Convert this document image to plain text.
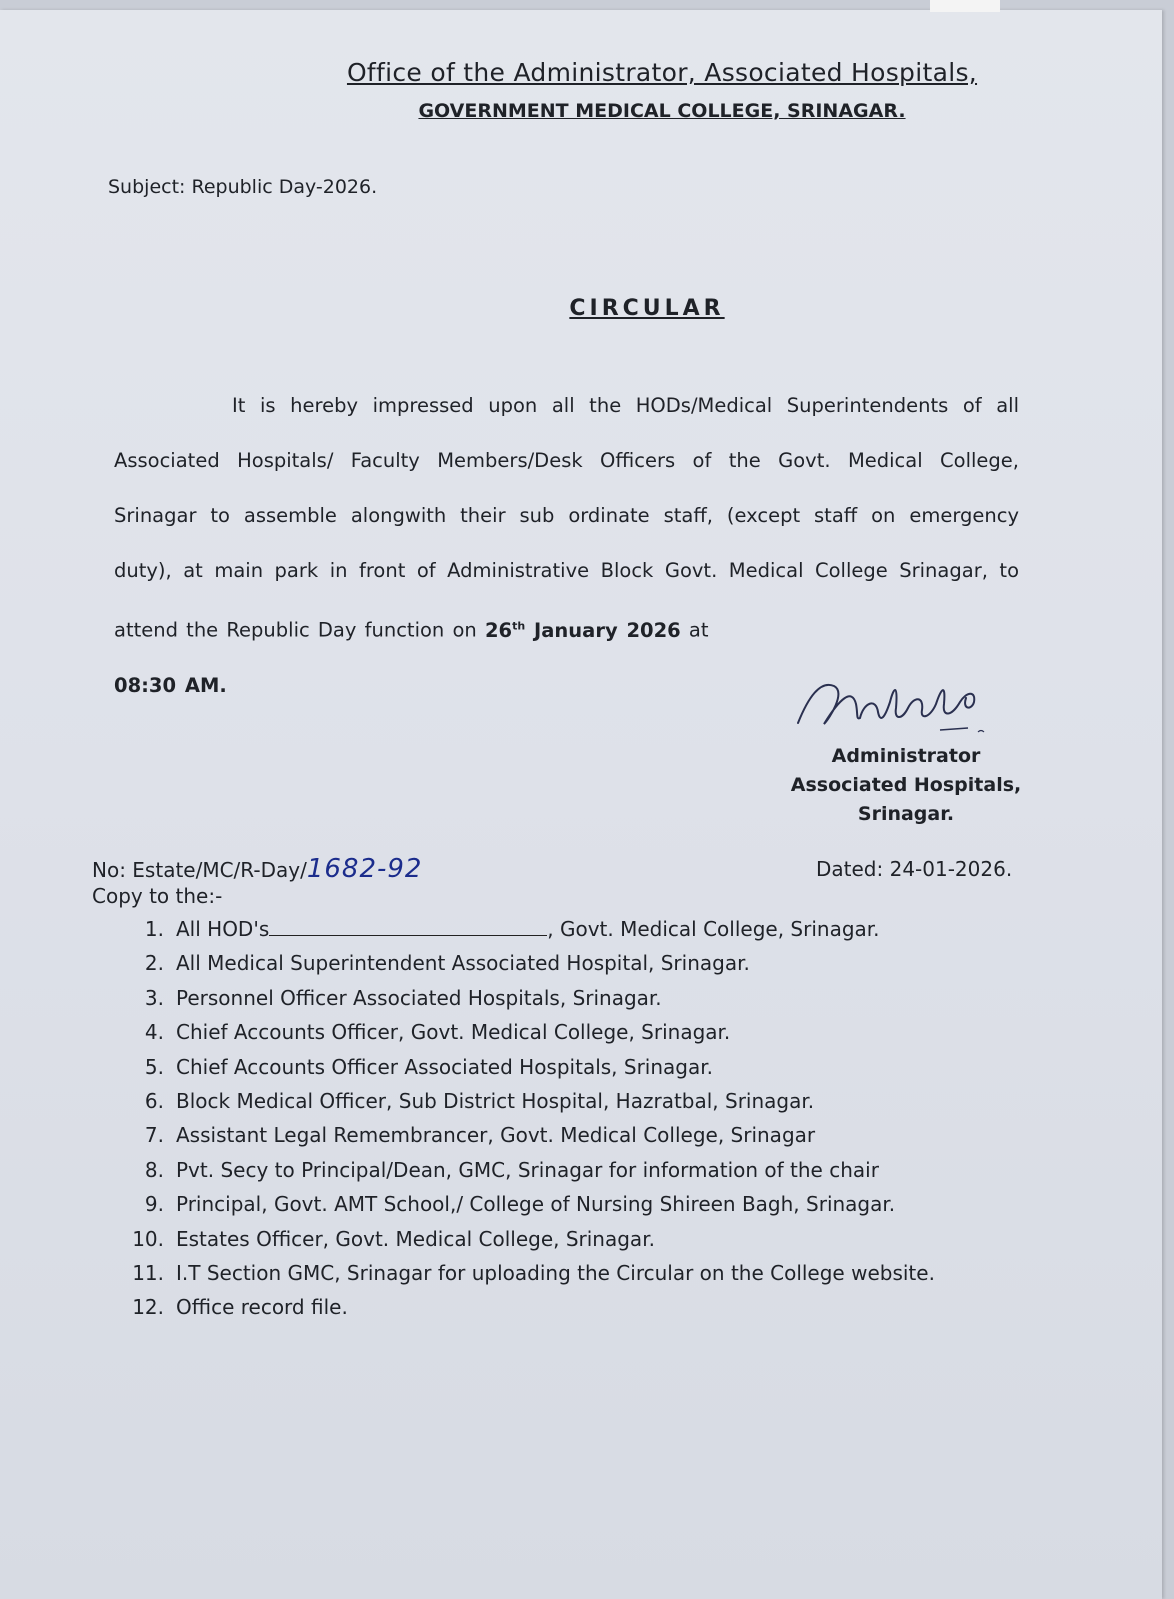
Office of the Administrator, Associated Hospitals,
GOVERNMENT MEDICAL COLLEGE, SRINAGAR.
Subject: Republic Day-2026.
CIRCULAR
It is hereby impressed upon all the HODs/Medical Superintendents of all Associated Hospitals/ Faculty Members/Desk Officers of the Govt. Medical College, Srinagar to assemble alongwith their sub ordinate staff, (except staff on emergency duty), at main park in front of Administrative Block Govt. Medical College Srinagar, to attend the Republic Day function on 26th January 2026 at
08:30 AM.
Administrator
Associated Hospitals,
Srinagar.
No: Estate/MC/R-Day/1682-92	Dated: 24-01-2026.
Copy to the:-
1. All HOD's	, Govt. Medical College, Srinagar.
2. All Medical Superintendent Associated Hospital, Srinagar.
3. Personnel Officer Associated Hospitals, Srinagar.
4. Chief Accounts Officer, Govt. Medical College, Srinagar.
5. Chief Accounts Officer Associated Hospitals, Srinagar.
6. Block Medical Officer, Sub District Hospital, Hazratbal, Srinagar.
7. Assistant Legal Remembrancer, Govt. Medical College, Srinagar
8. Pvt. Secy to Principal/Dean, GMC, Srinagar for information of the chair
9. Principal, Govt. AMT School,/ College of Nursing Shireen Bagh, Srinagar.
10. Estates Officer, Govt. Medical College, Srinagar.
11. I.T Section GMC, Srinagar for uploading the Circular on the College website.
12. Office record file.
